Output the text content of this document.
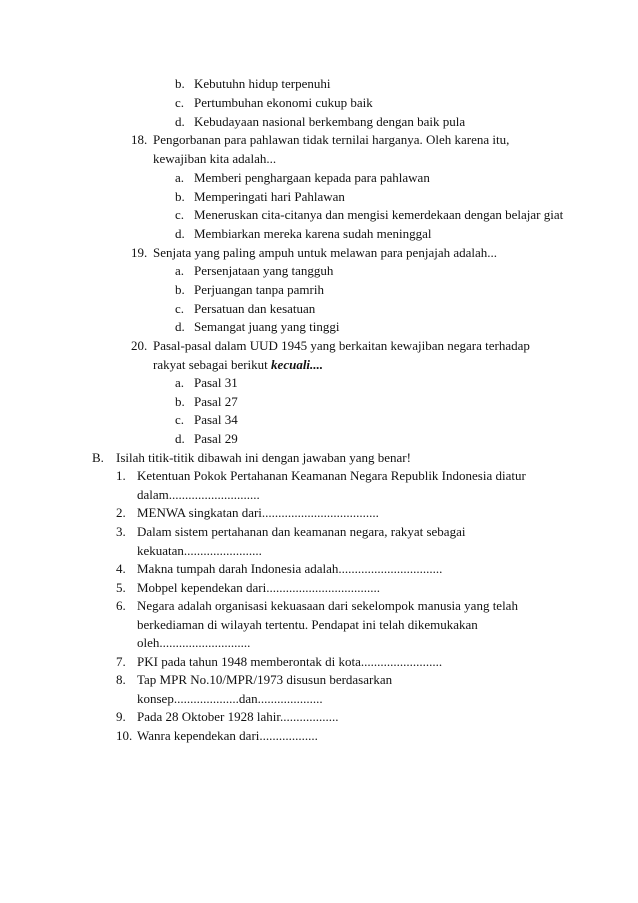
b. Kebutuhn hidup terpenuhi
c. Pertumbuhan ekonomi cukup baik
d. Kebudayaan nasional berkembang dengan baik pula
18. Pengorbanan para pahlawan tidak ternilai harganya. Oleh karena itu,
kewajiban kita adalah...
a. Memberi penghargaan kepada para pahlawan
b. Memperingati hari Pahlawan
c. Meneruskan cita-citanya dan mengisi kemerdekaan dengan belajar giat
d. Membiarkan mereka karena sudah meninggal
19. Senjata yang paling ampuh untuk melawan para penjajah adalah...
a. Persenjataan yang tangguh
b. Perjuangan tanpa pamrih
c. Persatuan dan kesatuan
d. Semangat juang yang tinggi
20. Pasal-pasal dalam UUD 1945 yang berkaitan kewajiban negara terhadap
rakyat sebagai berikut kecuali....
a. Pasal 31
b. Pasal 27
c. Pasal 34
d. Pasal 29
B. Isilah titik-titik dibawah ini dengan jawaban yang benar!
1. Ketentuan Pokok Pertahanan Keamanan Negara Republik Indonesia diatur
dalam............................
2. MENWA singkatan dari....................................
3. Dalam sistem pertahanan dan keamanan negara, rakyat sebagai
kekuatan........................
4. Makna tumpah darah Indonesia adalah................................
5. Mobpel kependekan dari...................................
6. Negara adalah organisasi kekuasaan dari sekelompok manusia yang telah
berkediaman di wilayah tertentu. Pendapat ini telah dikemukakan
oleh............................
7. PKI pada tahun 1948 memberontak di kota.........................
8. Tap MPR No.10/MPR/1973 disusun berdasarkan
konsep....................dan....................
9. Pada 28 Oktober 1928 lahir..................
10. Wanra kependekan dari..................
